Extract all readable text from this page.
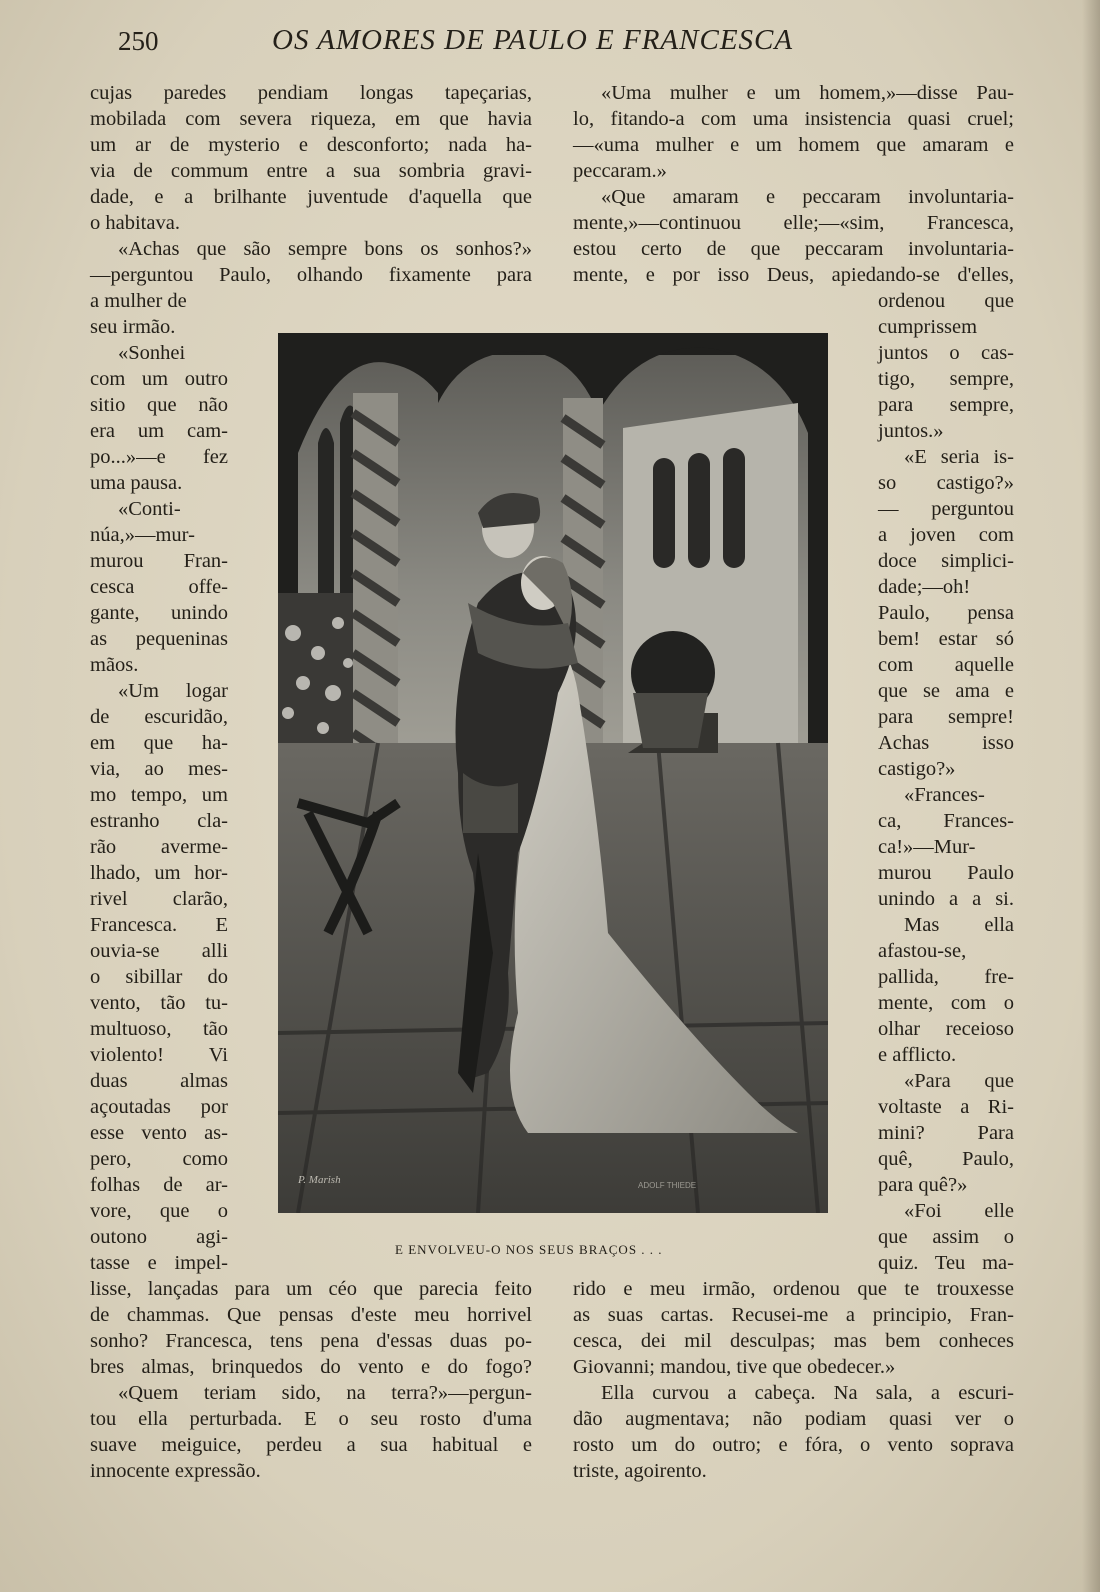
250	OS AMORES DE PAULO E FRANCESCA
cujas paredes pendiam longas tapeçarias,
mobilada com severa riqueza, em que havia
um ar de mysterio e desconforto; nada ha-
via de commum entre a sua sombria gravi-
dade, e a brilhante juventude d'aquella que
o habitava.
«Achas que são sempre bons os sonhos?»
—perguntou Paulo, olhando fixamente para
a mulher de
seu irmão.
«Sonhei
com um outro
sitio que não
era um cam-
po...»—e fez
uma pausa.
«Conti-
núa,»—mur-
murou Fran-
cesca offe-
gante, unindo
as pequeninas
mãos.
«Um logar
de escuridão,
em que ha-
via, ao mes-
mo tempo, um
estranho cla-
rão averme-
lhado, um hor-
rivel clarão,
Francesca. E
ouvia-se alli
o sibillar do
vento, tão tu-
multuoso, tão
violento! Vi
duas almas
açoutadas por
esse vento as-
pero, como
folhas de ar-
vore, que o
outono agi-
tasse e impel-
lisse, lançadas para um céo que parecia feito
de chammas. Que pensas d'este meu horrivel
sonho? Francesca, tens pena d'essas duas po-
bres almas, brinquedos do vento e do fogo?
«Quem teriam sido, na terra?»—pergun-
tou ella perturbada. E o seu rosto d'uma
suave meiguice, perdeu a sua habitual e
innocente expressão.
«Uma mulher e um homem,»—disse Pau-
lo, fitando-a com uma insistencia quasi cruel;
—«uma mulher e um homem que amaram e
peccaram.»
«Que amaram e peccaram involuntaria-
mente,»—continuou elle;—«sim, Francesca,
estou certo de que peccaram involuntaria-
mente, e por isso Deus, apiedando-se d'elles,
ordenou que
cumprissem
juntos o cas-
tigo, sempre,
para sempre,
juntos.»
«E seria is-
so castigo?»
— perguntou
a joven com
doce simplici-
dade;—oh!
Paulo, pensa
bem! estar só
com aquelle
que se ama e
para sempre!
Achas isso
castigo?»
«Frances-
ca, Frances-
ca!»—Mur-
murou Paulo
unindo a a si.
Mas ella
afastou-se,
pallida, fre-
mente, com o
olhar receioso
e afflicto.
«Para que
voltaste a Ri-
mini? Para
quê, Paulo,
para quê?»
«Foi elle
que assim o
quiz. Teu ma-
rido e meu irmão, ordenou que te trouxesse
as suas cartas. Recusei-me a principio, Fran-
cesca, dei mil desculpas; mas bem conheces
Giovanni; mandou, tive que obedecer.»
Ella curvou a cabeça. Na sala, a escuri-
dão augmentava; não podiam quasi ver o
rosto um do outro; e fóra, o vento soprava
triste, agoirento.
P. Marish	ADOLF THIEDE
E ENVOLVEU-O NOS SEUS BRAÇOS . . .
